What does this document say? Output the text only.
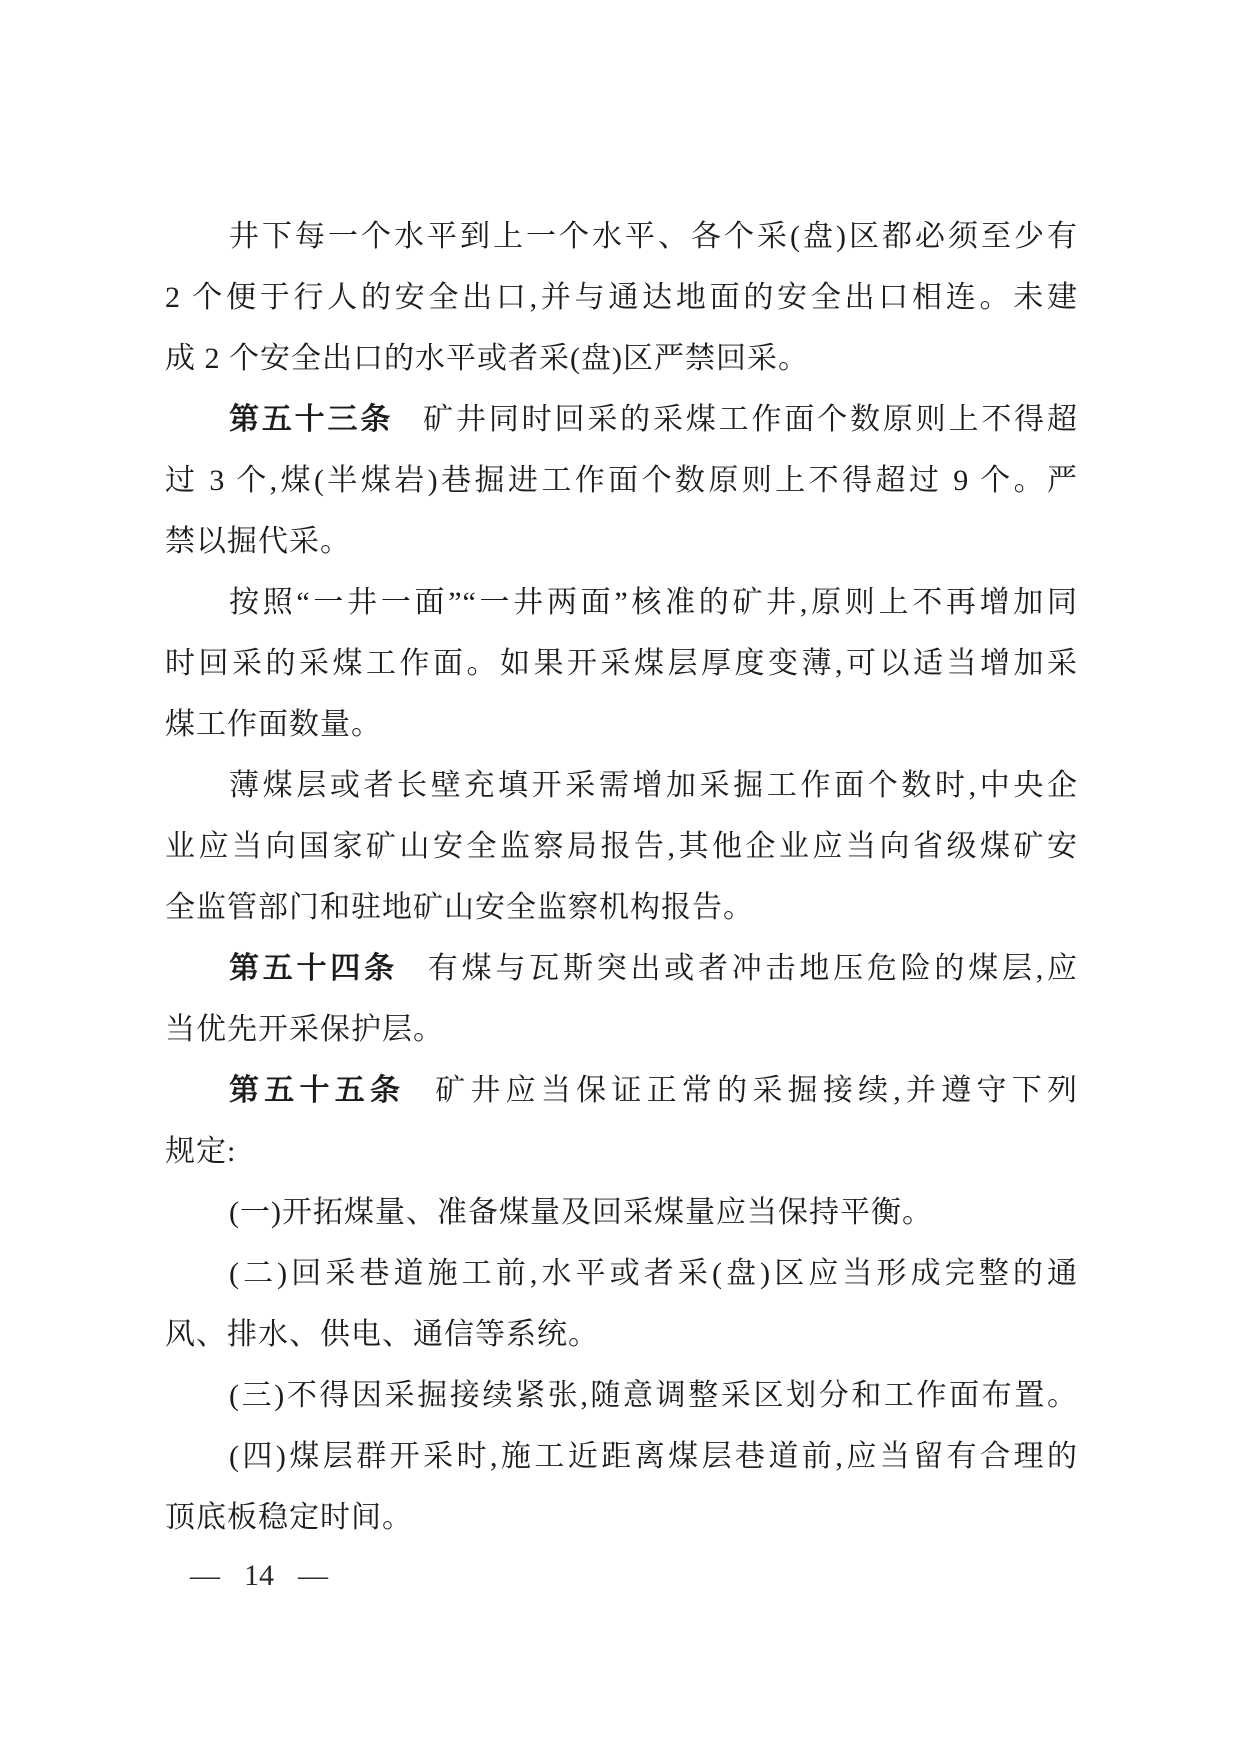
井下每一个水平到上一个水平、各个采(盘)区都必须至少有
2 个便于行人的安全出口,并与通达地面的安全出口相连。未建
成 2 个安全出口的水平或者采(盘)区严禁回采。
第五十三条 矿井同时回采的采煤工作面个数原则上不得超
过 3 个,煤(半煤岩)巷掘进工作面个数原则上不得超过 9 个。严
禁以掘代采。
按照“一井一面”“一井两面”核准的矿井,原则上不再增加同
时回采的采煤工作面。如果开采煤层厚度变薄,可以适当增加采
煤工作面数量。
薄煤层或者长壁充填开采需增加采掘工作面个数时,中央企
业应当向国家矿山安全监察局报告,其他企业应当向省级煤矿安
全监管部门和驻地矿山安全监察机构报告。
第五十四条 有煤与瓦斯突出或者冲击地压危险的煤层,应
当优先开采保护层。
第五十五条 矿井应当保证正常的采掘接续,并遵守下列
规定:
(一)开拓煤量、准备煤量及回采煤量应当保持平衡。
(二)回采巷道施工前,水平或者采(盘)区应当形成完整的通
风、排水、供电、通信等系统。
(三)不得因采掘接续紧张,随意调整采区划分和工作面布置。
(四)煤层群开采时,施工近距离煤层巷道前,应当留有合理的
顶底板稳定时间。
— 14 —
